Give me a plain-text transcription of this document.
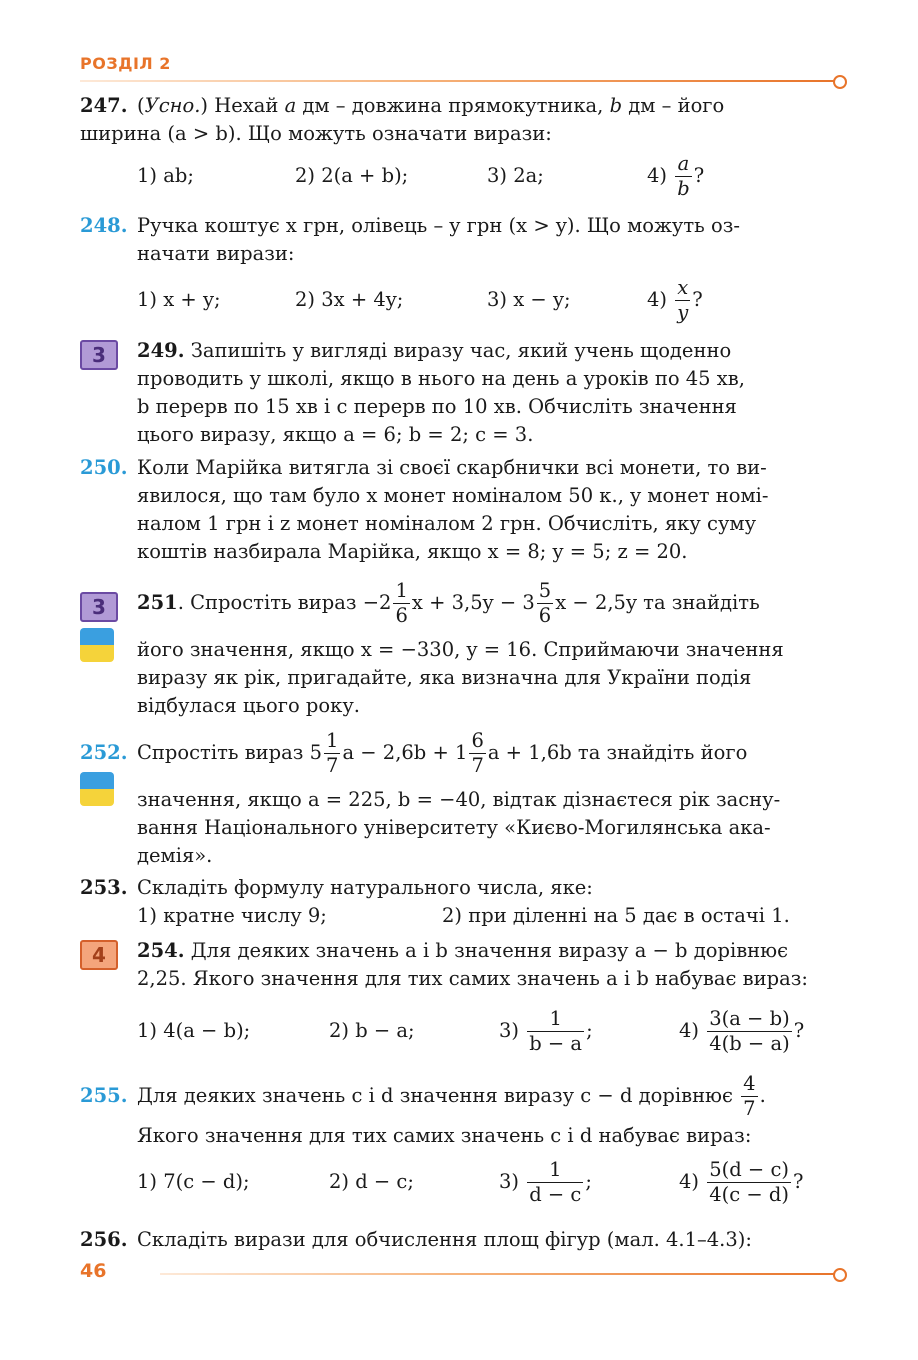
РОЗДІЛ 2
247. (Усно.) Нехай a дм – довжина прямокутника, b дм – його
ширина (a > b). Що можуть означати вирази:
1) ab;	2) 2(a + b);	3) 2a;	4)
$\frac{a}{b}$ ?
248. Ручка коштує x грн, олівець – y грн (x > y). Що можуть оз-
начати вирази:
1) x + y;	2) 3x + 4y;	3) x − y;	4)
$\frac{x}{y}$ ?
3	249. Запишіть у вигляді виразу час, який учень щоденно
проводить у школі, якщо в нього на день a уроків по 45 хв,
b перерв по 15 хв і c перерв по 10 хв. Обчисліть значення
цього виразу, якщо a = 6; b = 2; c = 3.
250. Коли Марійка витягла зі своєї скарбнички всі монети, то ви-
явилося, що там було x монет номіналом 50 к., y монет номі-
налом 1 грн і z монет номіналом 2 грн. Обчисліть, яку суму
коштів назбирала Марійка, якщо x = 8; y = 5; z = 20.
3	251 . Спростіть вираз $-2 \frac{1}{6}$ $x + 3,5y - 3 \frac{5}{6}$ x − 2,5y та знайдіть
його значення, якщо x = −330, y = 16. Сприймаючи значення
виразу як рік, пригадайте, яка визначна для України подія
відбулася цього року.
252. Спростіть вираз $5 \frac{1}{7}$ $a - 2,6b + 1 \frac{6}{7}$ a + 1,6b та знайдіть його
значення, якщо a = 225, b = −40, відтак дізнаєтеся рік засну-
вання Національного університету «Києво-Могилянська ака-
демія».
253. Складіть формулу натурального числа, яке:
1) кратне числу 9;	2) при діленні на 5 дає в остачі 1.
4	254. Для деяких значень a і b значення виразу a − b дорівнює
2,25. Якого значення для тих самих значень a і b набуває вираз:
1) 4(a − b);	2) b − a;	3)
$\frac{1}{b - a}$ ;	4)
$\frac{3(a - b)}{4(b - a)}$ ?
255. Для деяких значень c і d значення виразу c − d дорівнює
$\frac{4}{7}$ .
Якого значення для тих самих значень c і d набуває вираз:
1) 7(c − d);	2) d − c;	3)
$\frac{1}{d - c}$ ;	4)
$\frac{5(d - c)}{4(c - d)}$ ?
256. Складіть вирази для обчислення площ фігур (мал. 4.1–4.3):
46
